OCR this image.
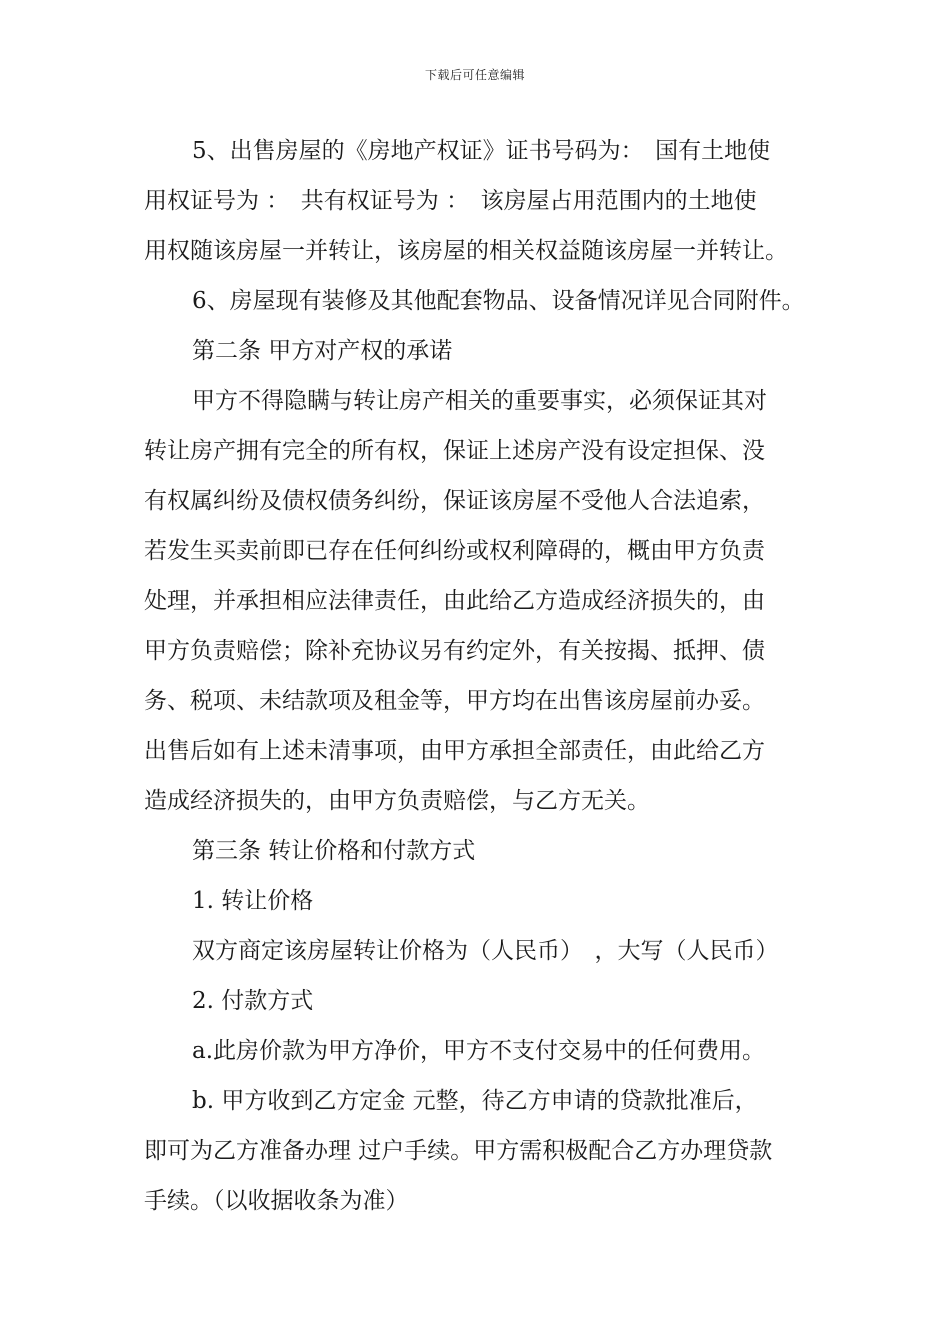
下载后可任意编辑
5、出售房屋的《房地产权证》证书号码为：　国有土地使
用权证号为 ：　共有权证号为 ：　该房屋占用范围内的土地使
用权随该房屋一并转让，该房屋的相关权益随该房屋一并转让。
6、房屋现有装修及其他配套物品、设备情况详见合同附件。
第二条 甲方对产权的承诺
甲方不得隐瞒与转让房产相关的重要事实，必须保证其对
转让房产拥有完全的所有权，保证上述房产没有设定担保、没
有权属纠纷及债权债务纠纷，保证该房屋不受他人合法追索，
若发生买卖前即已存在任何纠纷或权利障碍的，概由甲方负责
处理，并承担相应法律责任，由此给乙方造成经济损失的，由
甲方负责赔偿；除补充协议另有约定外，有关按揭、抵押、债
务、税项、未结款项及租金等，甲方均在出售该房屋前办妥。
出售后如有上述未清事项，由甲方承担全部责任，由此给乙方
造成经济损失的，由甲方负责赔偿，与乙方无关。
第三条 转让价格和付款方式
1. 转让价格
双方商定该房屋转让价格为（人民币）　，大写（人民币）
2. 付款方式
a.此房价款为甲方净价，甲方不支付交易中的任何费用。
b. 甲方收到乙方定金 元整，待乙方申请的贷款批准后，
即可为乙方准备办理 过户手续。甲方需积极配合乙方办理贷款
手续。（以收据收条为准）
